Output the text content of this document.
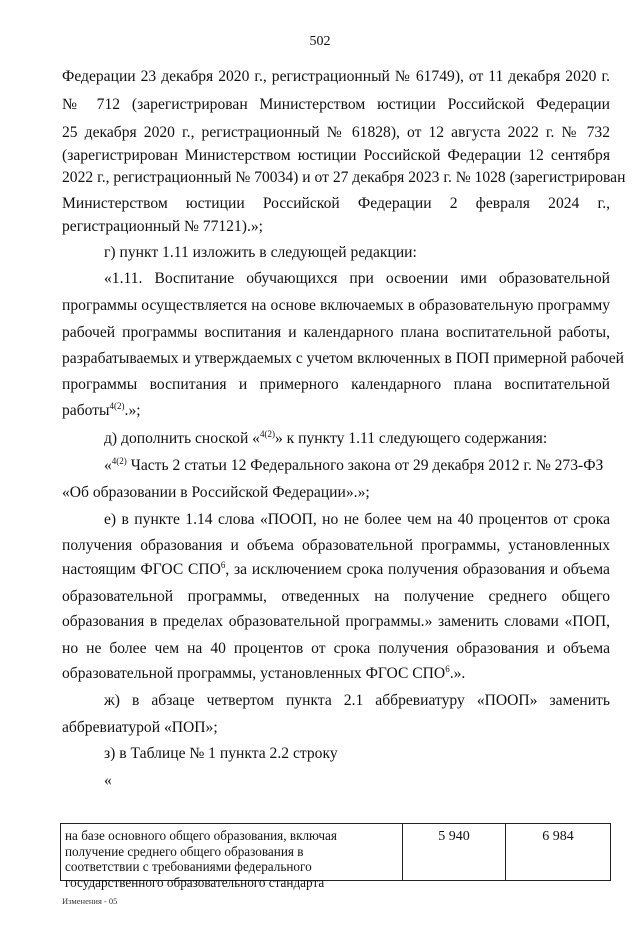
502
Федерации 23 декабря 2020 г., регистрационный № 61749), от 11 декабря 2020 г.
№ 712 (зарегистрирован Министерством юстиции Российской Федерации
25 декабря 2020 г., регистрационный № 61828), от 12 августа 2022 г. № 732
(зарегистрирован Министерством юстиции Российской Федерации 12 сентября
2022 г., регистрационный № 70034) и от 27 декабря 2023 г. № 1028 (зарегистрирован
Министерством юстиции Российской Федерации 2 февраля 2024 г.,
регистрационный № 77121).»;
г) пункт 1.11 изложить в следующей редакции:
«1.11. Воспитание обучающихся при освоении ими образовательной
программы осуществляется на основе включаемых в образовательную программу
рабочей программы воспитания и календарного плана воспитательной работы,
разрабатываемых и утверждаемых с учетом включенных в ПОП примерной рабочей
программы воспитания и примерного календарного плана воспитательной
работы$^{4(2)}$.»;
д) дополнить сноской «$^{4(2)}$» к пункту 1.11 следующего содержания:
«$^{4(2)}$ Часть 2 статьи 12 Федерального закона от 29 декабря 2012 г. № 273-ФЗ
«Об образовании в Российской Федерации».»;
е) в пункте 1.14 слова «ПООП, но не более чем на 40 процентов от срока
получения образования и объема образовательной программы, установленных
настоящим ФГОС СПО$^6$, за исключением срока получения образования и объема
образовательной программы, отведенных на получение среднего общего
образования в пределах образовательной программы.» заменить словами «ПОП,
но не более чем на 40 процентов от срока получения образования и объема
образовательной программы, установленных ФГОС СПО$^6$.».
ж) в абзаце четвертом пункта 2.1 аббревиатуру «ПООП» заменить
аббревиатурой «ПОП»;
з) в Таблице № 1 пункта 2.2 строку
«
на базе основного общего образования, включая
получение среднего общего образования в
соответствии с требованиями федерального
государственного образовательного стандарта
5 940	6 984
Изменения - 05
